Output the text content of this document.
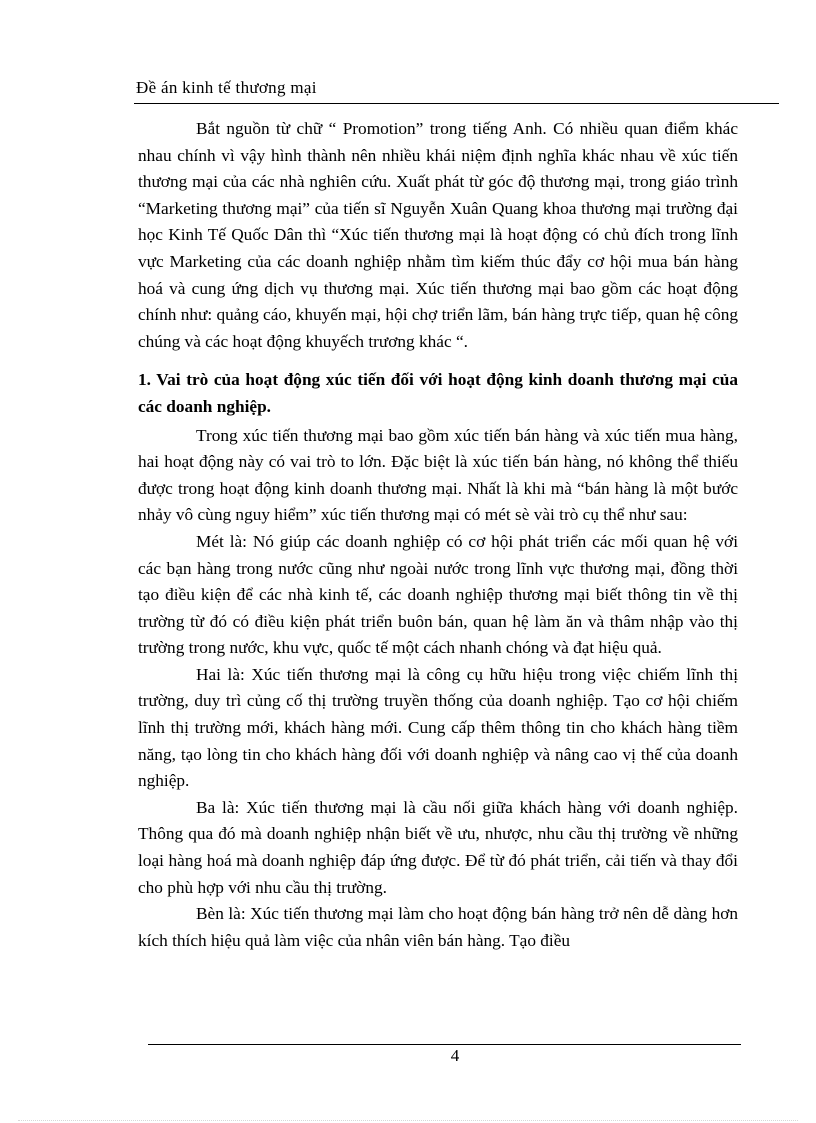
Đề án kinh tế thương mại

Bắt nguồn từ chữ “ Promotion” trong tiếng Anh. Có nhiều quan điểm khác nhau chính vì vậy hình thành nên nhiều khái niệm định nghĩa khác nhau về xúc tiến thương mại của các nhà nghiên cứu. Xuất phát từ góc độ thương mại, trong giáo trình “Marketing thương mại” của tiến sĩ Nguyễn Xuân Quang khoa thương mại trường đại học Kinh Tế Quốc Dân thì “Xúc tiến thương mại là hoạt động có chủ đích trong lĩnh vực Marketing của các doanh nghiệp nhằm tìm kiếm thúc đẩy cơ hội mua bán hàng hoá và cung ứng dịch vụ thương mại. Xúc tiến thương mại bao gồm các hoạt động chính như: quảng cáo, khuyến mại, hội chợ triển lãm, bán hàng trực tiếp, quan hệ công chúng và các hoạt động khuyếch trương khác “.

1. Vai trò của hoạt động xúc tiến đối với hoạt động kinh doanh thương mại của các doanh nghiệp.

Trong xúc tiến thương mại bao gồm xúc tiến bán hàng và xúc tiến mua hàng, hai hoạt động này có vai trò to lớn. Đặc biệt là xúc tiến bán hàng, nó không thể thiếu được trong hoạt động kinh doanh thương mại. Nhất là khi mà “bán hàng là một bước nhảy vô cùng nguy hiểm” xúc tiến thương mại có mét sè vài trò cụ thể như sau:

Mét là: Nó giúp các doanh nghiệp có cơ hội phát triển các mối quan hệ với các bạn hàng trong nước cũng như ngoài nước trong lĩnh vực thương mại, đồng thời tạo điều kiện để các nhà kinh tế, các doanh nghiệp thương mại biết thông tin về thị trường từ đó có điều kiện phát triển buôn bán, quan hệ làm ăn và thâm nhập vào thị trường trong nước, khu vực, quốc tế một cách nhanh chóng và đạt hiệu quả.

Hai là: Xúc tiến thương mại là công cụ hữu hiệu trong việc chiếm lĩnh thị trường, duy trì củng cố thị trường truyền thống của doanh nghiệp. Tạo cơ hội chiếm lĩnh thị trường mới, khách hàng mới. Cung cấp thêm thông tin cho khách hàng tiềm năng, tạo lòng tin cho khách hàng đối với doanh nghiệp và nâng cao vị thế của doanh nghiệp.

Ba là: Xúc tiến thương mại là cầu nối giữa khách hàng với doanh nghiệp. Thông qua đó mà doanh nghiệp nhận biết về ưu, nhược, nhu cầu thị trường về những loại hàng hoá mà doanh nghiệp đáp ứng được. Để từ đó phát triển, cải tiến và thay đổi cho phù hợp với nhu cầu thị trường.

Bèn là: Xúc tiến thương mại làm cho hoạt động bán hàng trở nên dễ dàng hơn kích thích hiệu quả làm việc của nhân viên bán hàng. Tạo điều

4
